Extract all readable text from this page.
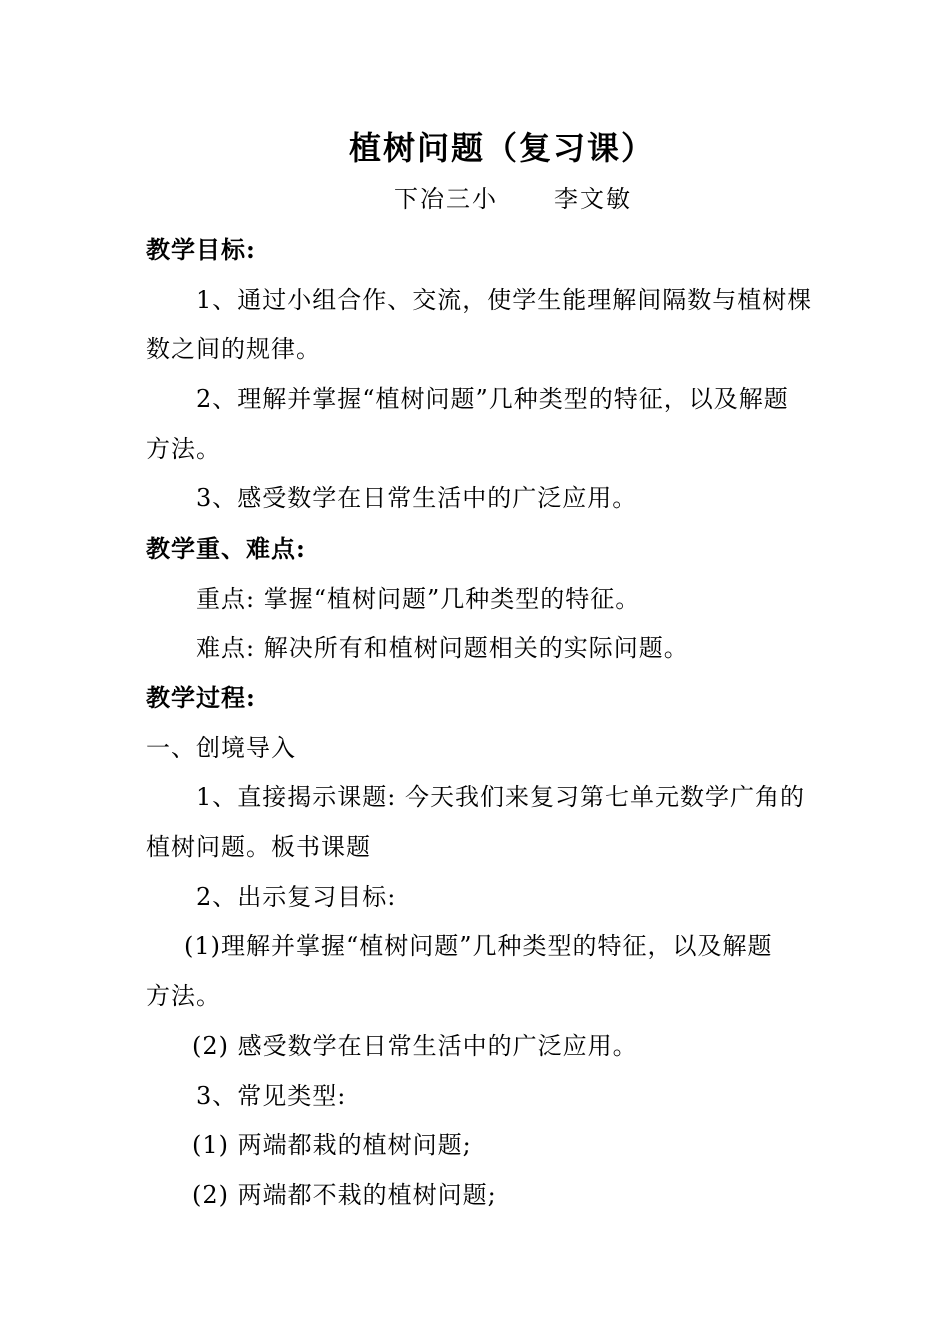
植树问题（复习课）
下冶三小 李文敏
教学目标:
1、通过小组合作、交流，使学生能理解间隔数与植树棵
数之间的规律。
2、理解并掌握“植树问题”几种类型的特征，以及解题
方法。
3、感受数学在日常生活中的广泛应用。
教学重、难点:
重点: 掌握“植树问题”几种类型的特征。
难点: 解决所有和植树问题相关的实际问题。
教学过程:
一、创境导入
1、直接揭示课题: 今天我们来复习第七单元数学广角的
植树问题。板书课题
2、出示复习目标:
(1)理解并掌握“植树问题”几种类型的特征，以及解题
方法。
(2) 感受数学在日常生活中的广泛应用。
3、常见类型:
(1) 两端都栽的植树问题;
(2) 两端都不栽的植树问题;
